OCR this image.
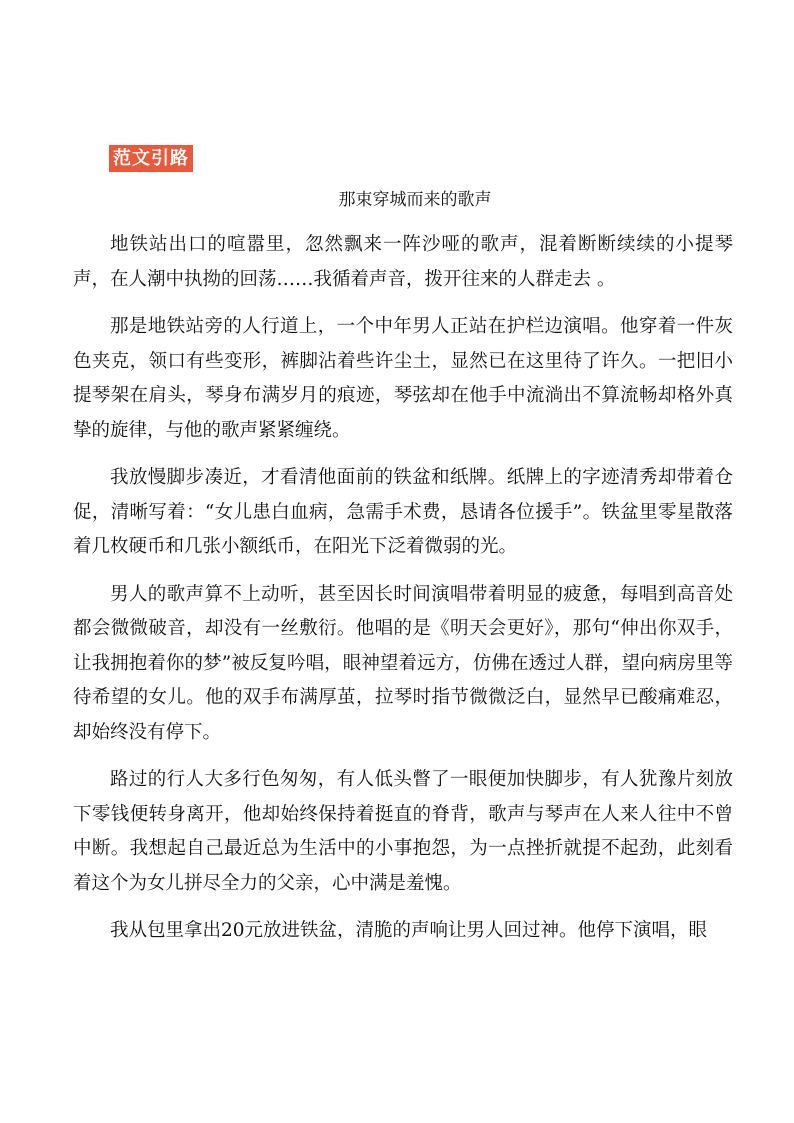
范文引路
那束穿城而来的歌声

地铁站出口的喧嚣里，忽然飘来一阵沙哑的歌声，混着断断续续的小提琴声，在人潮中执拗的回荡……我循着声音，拨开往来的人群走去 。

那是地铁站旁的人行道上，一个中年男人正站在护栏边演唱。他穿着一件灰色夹克，领口有些变形，裤脚沾着些许尘土，显然已在这里待了许久。一把旧小提琴架在肩头，琴身布满岁月的痕迹，琴弦却在他手中流淌出不算流畅却格外真挚的旋律，与他的歌声紧紧缠绕。

我放慢脚步凑近，才看清他面前的铁盆和纸牌。纸牌上的字迹清秀却带着仓促，清晰写着：“女儿患白血病，急需手术费，恳请各位援手”。铁盆里零星散落着几枚硬币和几张小额纸币，在阳光下泛着微弱的光。

男人的歌声算不上动听，甚至因长时间演唱带着明显的疲惫，每唱到高音处都会微微破音，却没有一丝敷衍。他唱的是《明天会更好》，那句“伸出你双手，让我拥抱着你的梦”被反复吟唱，眼神望着远方，仿佛在透过人群，望向病房里等待希望的女儿。他的双手布满厚茧，拉琴时指节微微泛白，显然早已酸痛难忍，却始终没有停下。

路过的行人大多行色匆匆，有人低头瞥了一眼便加快脚步，有人犹豫片刻放下零钱便转身离开，他却始终保持着挺直的脊背，歌声与琴声在人来人往中不曾中断。我想起自己最近总为生活中的小事抱怨，为一点挫折就提不起劲，此刻看着这个为女儿拼尽全力的父亲，心中满是羞愧。

我从包里拿出20元放进铁盆，清脆的声响让男人回过神。他停下演唱，眼
